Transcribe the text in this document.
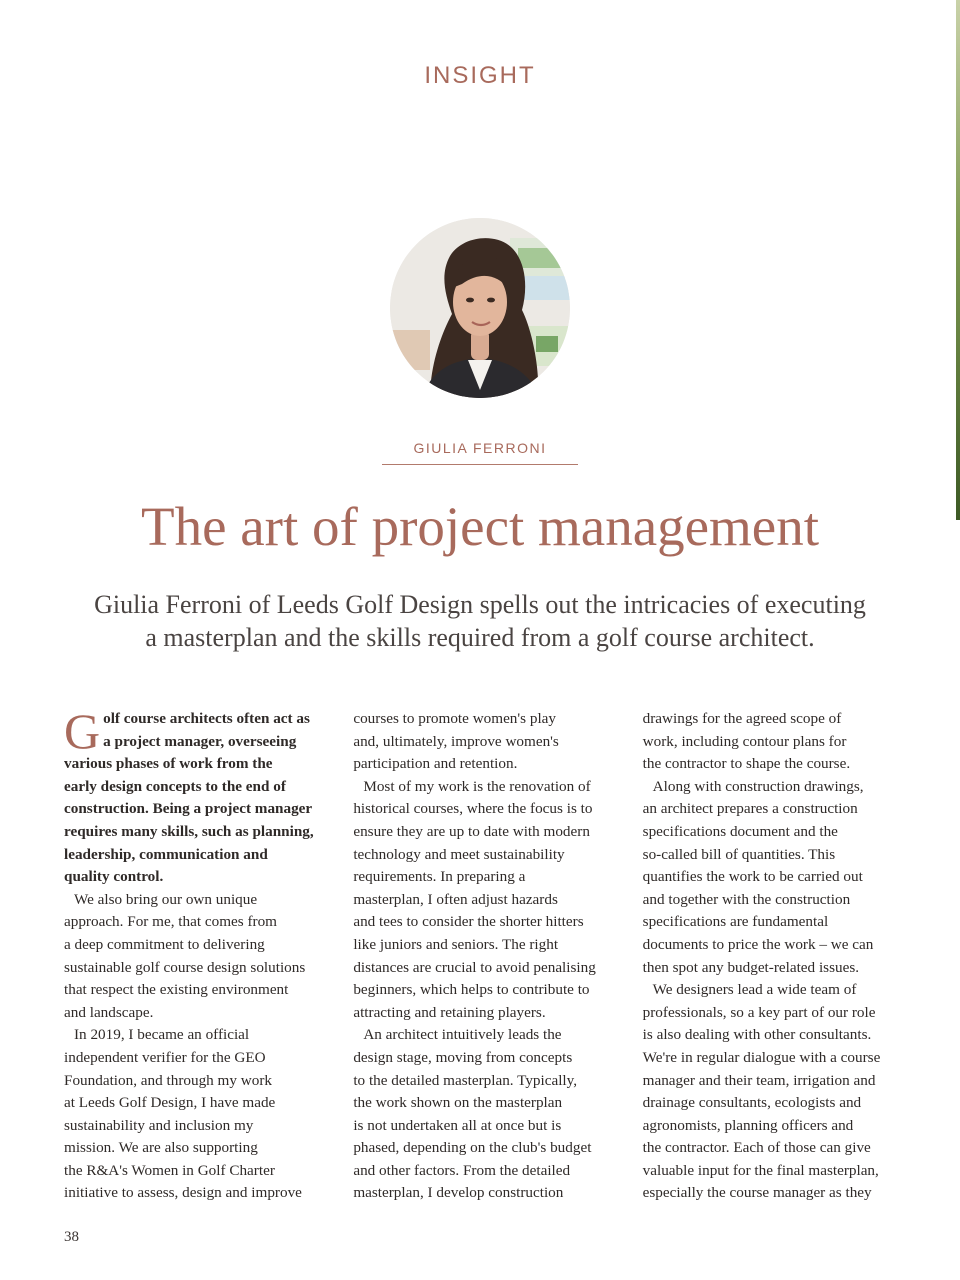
INSIGHT
GIULIA FERRONI
The art of project management

Giulia Ferroni of Leeds Golf Design spells out the intricacies of executing
a masterplan and the skills required from a golf course architect.

Golf course architects often act as

a project manager, overseeing

various phases of work from the

early design concepts to the end of

construction. Being a project manager

requires many skills, such as planning,

leadership, communication and

quality control.

We also bring our own unique

approach. For me, that comes from

a deep commitment to delivering

sustainable golf course design solutions

that respect the existing environment

and landscape.

In 2019, I became an official

independent verifier for the GEO

Foundation, and through my work

at Leeds Golf Design, I have made

sustainability and inclusion my

mission. We are also supporting

the R&A's Women in Golf Charter

initiative to assess, design and improve

courses to promote women's play

and, ultimately, improve women's

participation and retention.

Most of my work is the renovation of

historical courses, where the focus is to

ensure they are up to date with modern

technology and meet sustainability

requirements. In preparing a

masterplan, I often adjust hazards

and tees to consider the shorter hitters

like juniors and seniors. The right

distances are crucial to avoid penalising

beginners, which helps to contribute to

attracting and retaining players.

An architect intuitively leads the

design stage, moving from concepts

to the detailed masterplan. Typically,

the work shown on the masterplan

is not undertaken all at once but is

phased, depending on the club's budget

and other factors. From the detailed

masterplan, I develop construction

drawings for the agreed scope of

work, including contour plans for

the contractor to shape the course.

Along with construction drawings,

an architect prepares a construction

specifications document and the

so-called bill of quantities. This

quantifies the work to be carried out

and together with the construction

specifications are fundamental

documents to price the work – we can

then spot any budget-related issues.

We designers lead a wide team of

professionals, so a key part of our role

is also dealing with other consultants.

We're in regular dialogue with a course

manager and their team, irrigation and

drainage consultants, ecologists and

agronomists, planning officers and

the contractor. Each of those can give

valuable input for the final masterplan,

especially the course manager as they

38
